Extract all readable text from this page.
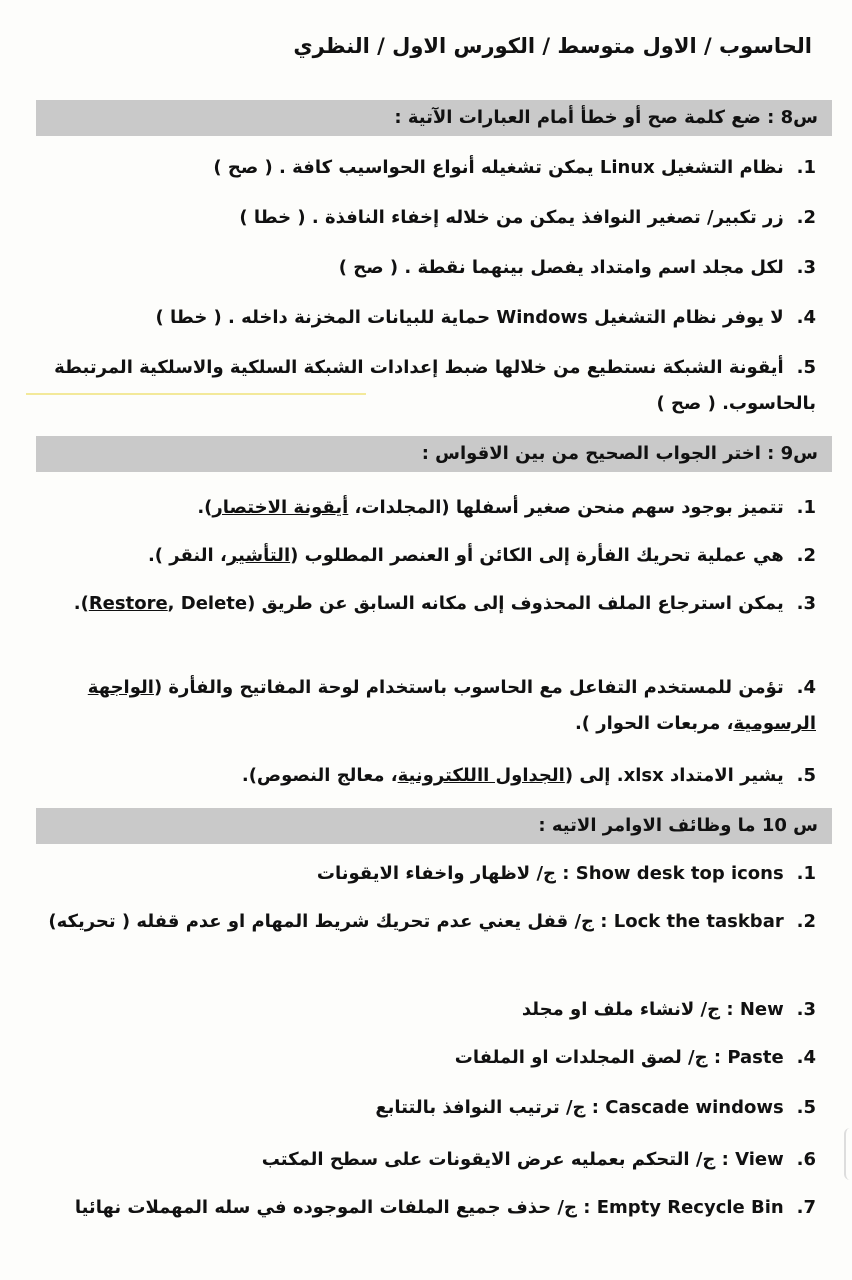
الحاسوب / الاول متوسط / الكورس الاول / النظري
س8 : ضع كلمة صح أو خطأ أمام العبارات الآتية :
1. نظام التشغيل Linux يمكن تشغيله أنواع الحواسيب كافة . ( صح )
2. زر تكبير/ تصغير النوافذ يمكن من خلاله إخفاء النافذة . ( خطا )
3. لكل مجلد اسم وامتداد يفصل بينهما نقطة . ( صح )
4. لا يوفر نظام التشغيل Windows حماية للبيانات المخزنة داخله . ( خطا )
5. أيقونة الشبكة نستطيع من خلالها ضبط إعدادات الشبكة السلكية والاسلكية المرتبطة بالحاسوب. ( صح )
س9 : اختر الجواب الصحيح من بين الاقواس :
1. تتميز بوجود سهم منحن صغير أسفلها (المجلدات، أيقونة الاختصار).
2. هي عملية تحريك الفأرة إلى الكائن أو العنصر المطلوب (التأشير، النقر ).
3. يمكن استرجاع الملف المحذوف إلى مكانه السابق عن طريق (Restore, Delete).
4. تؤمن للمستخدم التفاعل مع الحاسوب باستخدام لوحة المفاتيح والفأرة (الواجهة الرسومية، مربعات الحوار ).
5. يشير الامتداد xlsx. إلى (الجداول االلكترونية، معالج النصوص).
س 10 ما وظائف الاوامر الاتيه :
1. Show desk top icons : ج/ لاظهار واخفاء الايقونات
2. Lock the taskbar : ج/ قفل يعني عدم تحريك شريط المهام او عدم قفله ( تحريكه)
3. New : ج/ لانشاء ملف او مجلد
4. Paste : ج/ لصق المجلدات او الملفات
5. Cascade windows : ج/ ترتيب النوافذ بالتتابع
6. View : ج/ التحكم بعمليه عرض الايقونات على سطح المكتب
7. Empty Recycle Bin : ج/ حذف جميع الملفات الموجوده في سله المهملات نهائيا
